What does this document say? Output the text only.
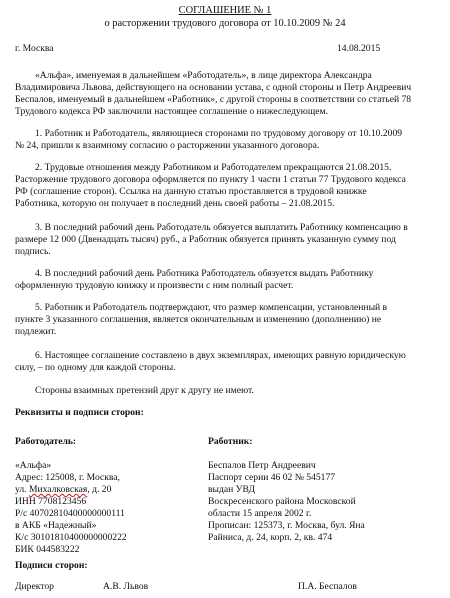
СОГЛАШЕНИЕ № 1
о расторжении трудового договора от 10.10.2009 № 24
г. Москва	14.08.2015
«Альфа», именуемая в дальнейшем «Работодатель», в лице директора Александра
Владимировича Львова, действующего на основании устава, с одной стороны и Петр Андреевич
Беспалов, именуемый в дальнейшем «Работник», с другой стороны в соответствии со статьей 78
Трудового кодекса РФ заключили настоящее соглашение о нижеследующем.
1. Работник и Работодатель, являющиеся сторонами по трудовому договору от 10.10.2009
№ 24, пришли к взаимному согласию о расторжении указанного договора.
2. Трудовые отношения между Работником и Работодателем прекращаются 21.08.2015.
Расторжение трудового договора оформляется по пункту 1 части 1 статьи 77 Трудового кодекса
РФ (соглашение сторон). Ссылка на данную статью проставляется в трудовой книжке
Работника, которую он получает в последний день своей работы – 21.08.2015.
3. В последний рабочий день Работодатель обязуется выплатить Работнику компенсацию в
размере 12 000 (Двенадцать тысяч) руб., а Работник обязуется принять указанную сумму под
подпись.
4. В последний рабочий день Работника Работодатель обязуется выдать Работнику
оформленную трудовую книжку и произвести с ним полный расчет.
5. Работник и Работодатель подтверждают, что размер компенсации, установленный в
пункте 3 указанного соглашения, является окончательным и изменению (дополнению) не
подлежит.
6. Настоящее соглашение составлено в двух экземплярах, имеющих равную юридическую
силу, – по одному для каждой стороны.
Стороны взаимных претензий друг к другу не имеют.
Реквизиты и подписи сторон:
Работодатель:	Работник:
«Альфа»
Адрес: 125008, г. Москва,
ул. Михалковская, д. 20
ИНН 7708123456
Р/с 40702810400000000111
в АКБ «Надежный»
К/с 30101810400000000222
БИК 044583222
Беспалов Петр Андреевич
Паспорт серии 46 02 № 545177
выдан УВД
Воскресенского района Московской
области 15 апреля 2002 г.
Прописан: 125373, г. Москва, бул. Яна
Райниса, д. 24, корп. 2, кв. 474
Подписи сторон:
Директор	А.В. Львов	П.А. Беспалов
